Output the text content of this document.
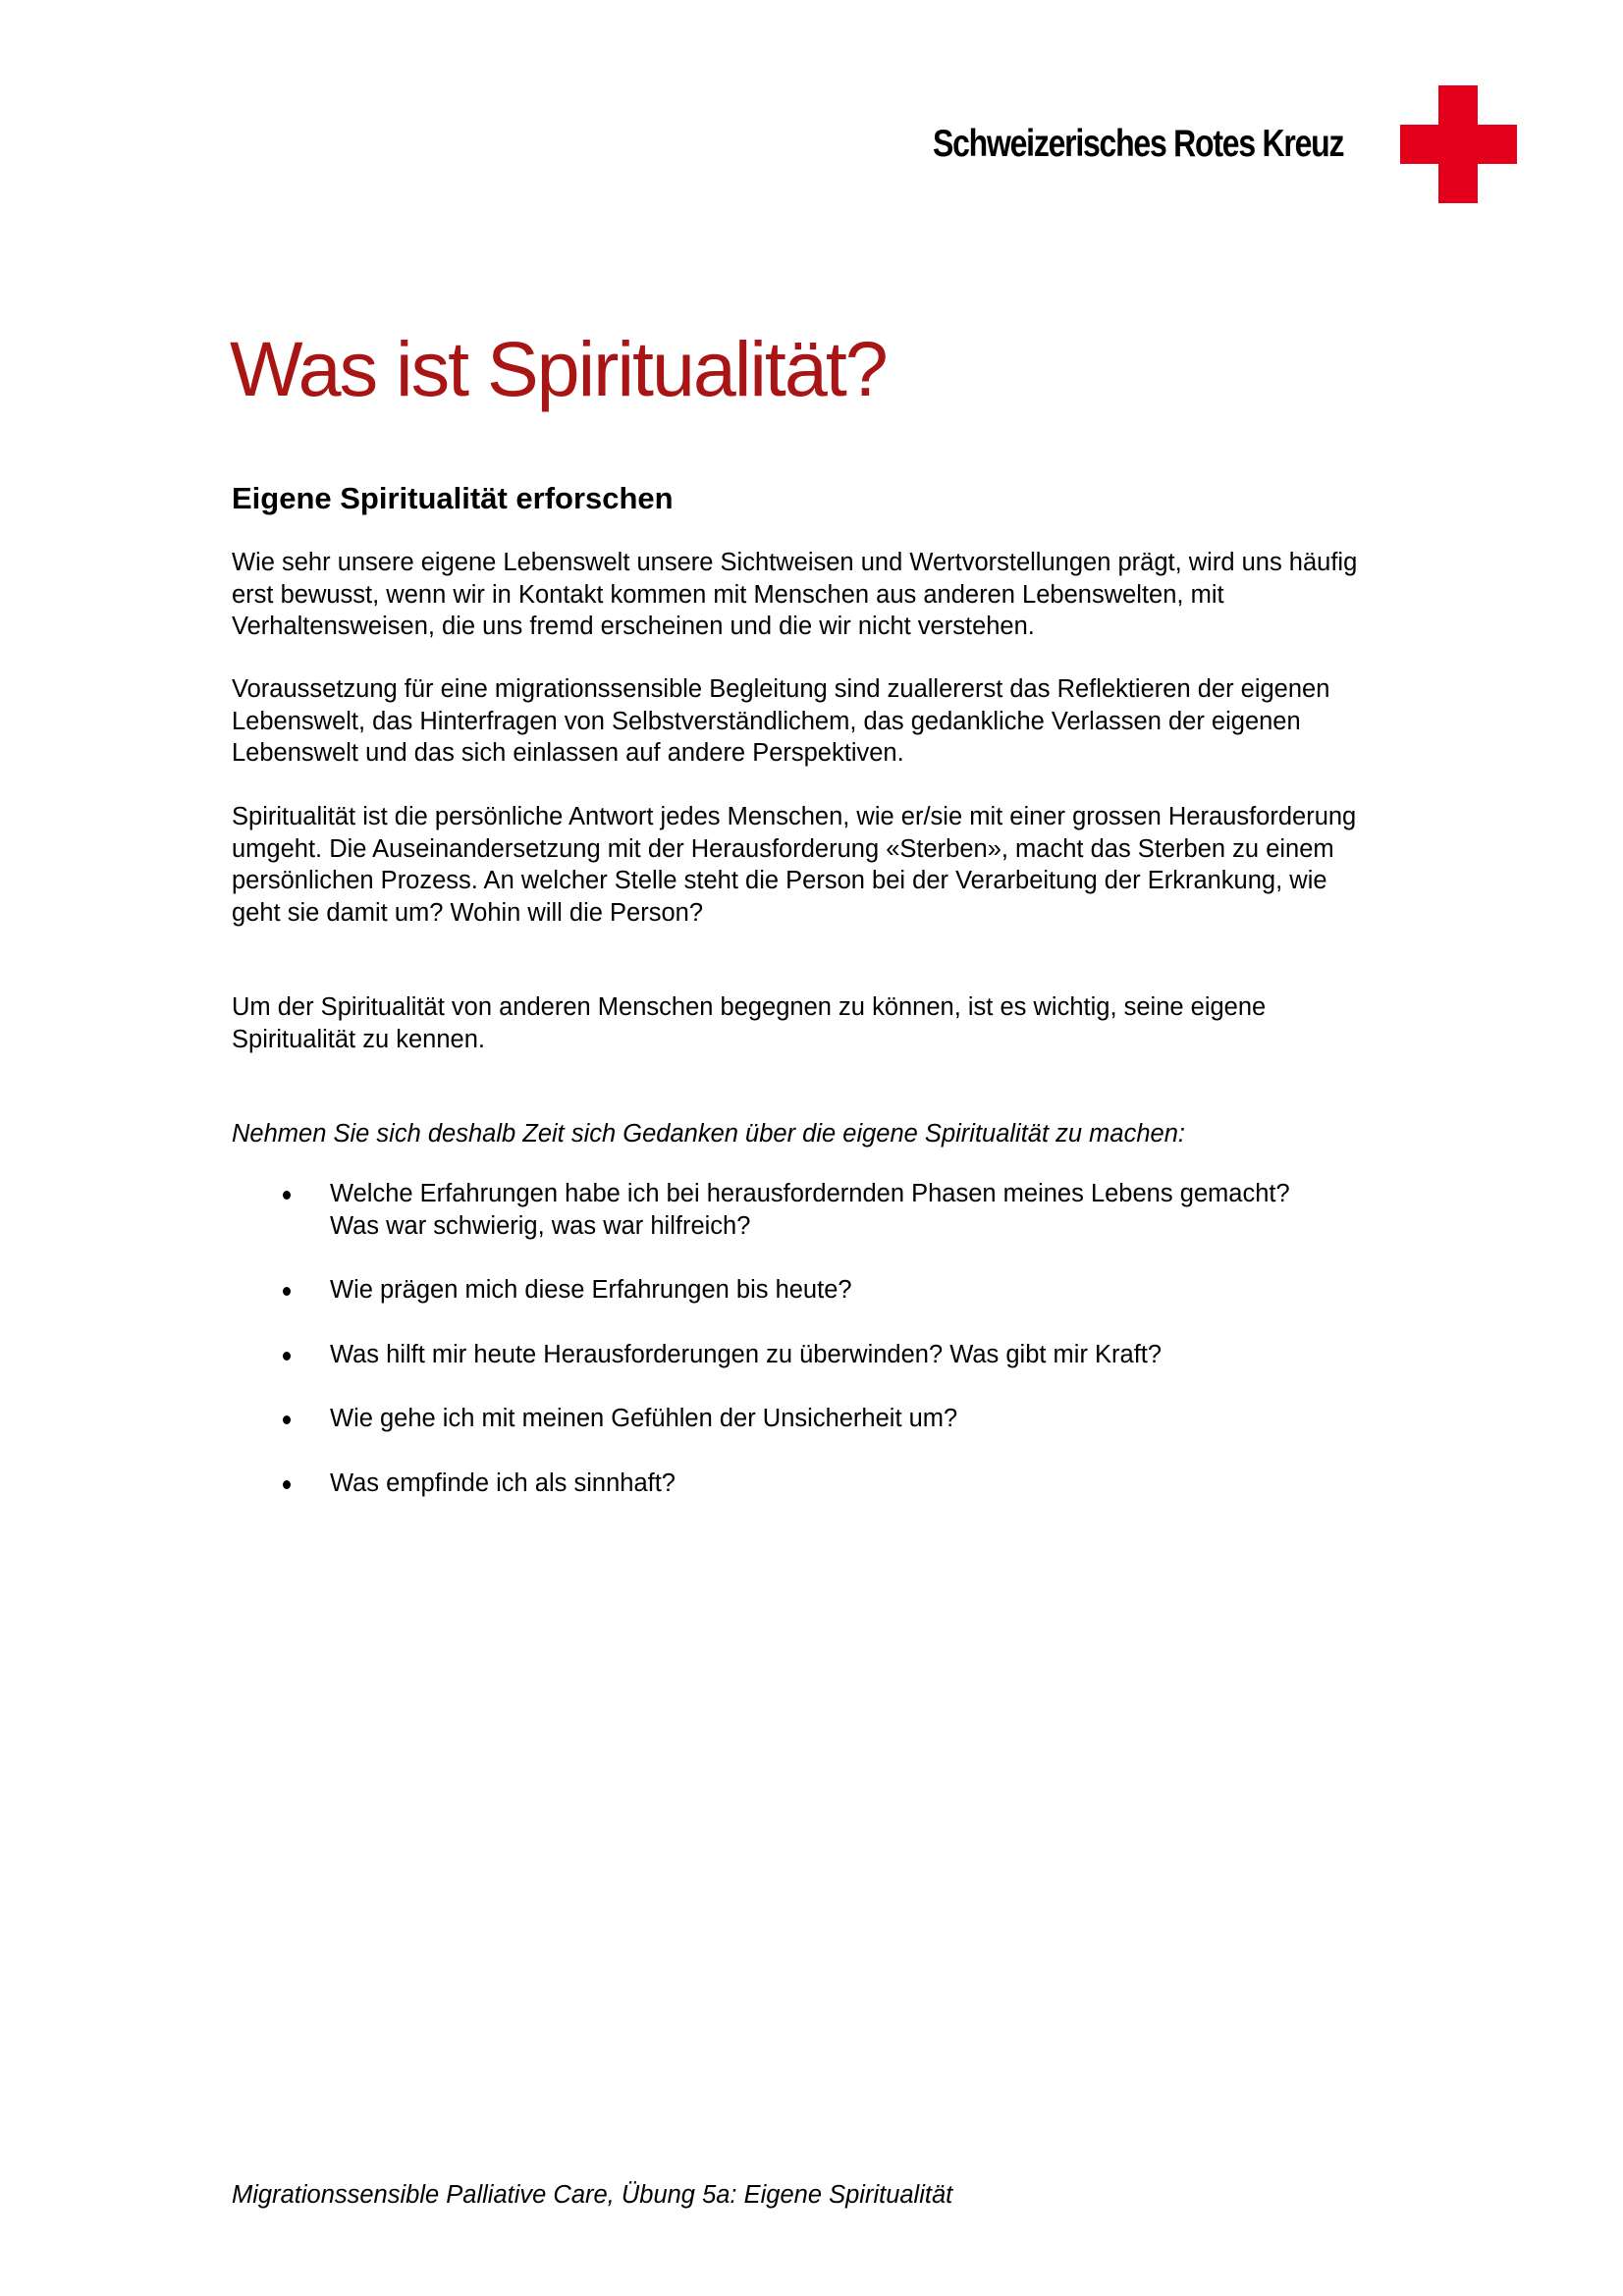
Schweizerisches Rotes Kreuz
Was ist Spiritualität?
Eigene Spiritualität erforschen

Wie sehr unsere eigene Lebenswelt unsere Sichtweisen und Wertvorstellungen prägt, wird uns häufig
erst bewusst, wenn wir in Kontakt kommen mit Menschen aus anderen Lebenswelten, mit
Verhaltensweisen, die uns fremd erscheinen und die wir nicht verstehen.

Voraussetzung für eine migrationssensible Begleitung sind zuallererst das Reflektieren der eigenen
Lebenswelt, das Hinterfragen von Selbstverständlichem, das gedankliche Verlassen der eigenen
Lebenswelt und das sich einlassen auf andere Perspektiven.

Spiritualität ist die persönliche Antwort jedes Menschen, wie er/sie mit einer grossen Herausforderung
umgeht. Die Auseinandersetzung mit der Herausforderung «Sterben», macht das Sterben zu einem
persönlichen Prozess. An welcher Stelle steht die Person bei der Verarbeitung der Erkrankung, wie
geht sie damit um? Wohin will die Person?

Um der Spiritualität von anderen Menschen begegnen zu können, ist es wichtig, seine eigene
Spiritualität zu kennen.

Nehmen Sie sich deshalb Zeit sich Gedanken über die eigene Spiritualität zu machen:

Welche Erfahrungen habe ich bei herausfordernden Phasen meines Lebens gemacht?
Was war schwierig, was war hilfreich?
Wie prägen mich diese Erfahrungen bis heute?
Was hilft mir heute Herausforderungen zu überwinden? Was gibt mir Kraft?
Wie gehe ich mit meinen Gefühlen der Unsicherheit um?
Was empfinde ich als sinnhaft?
Migrationssensible Palliative Care, Übung 5a: Eigene Spiritualität
